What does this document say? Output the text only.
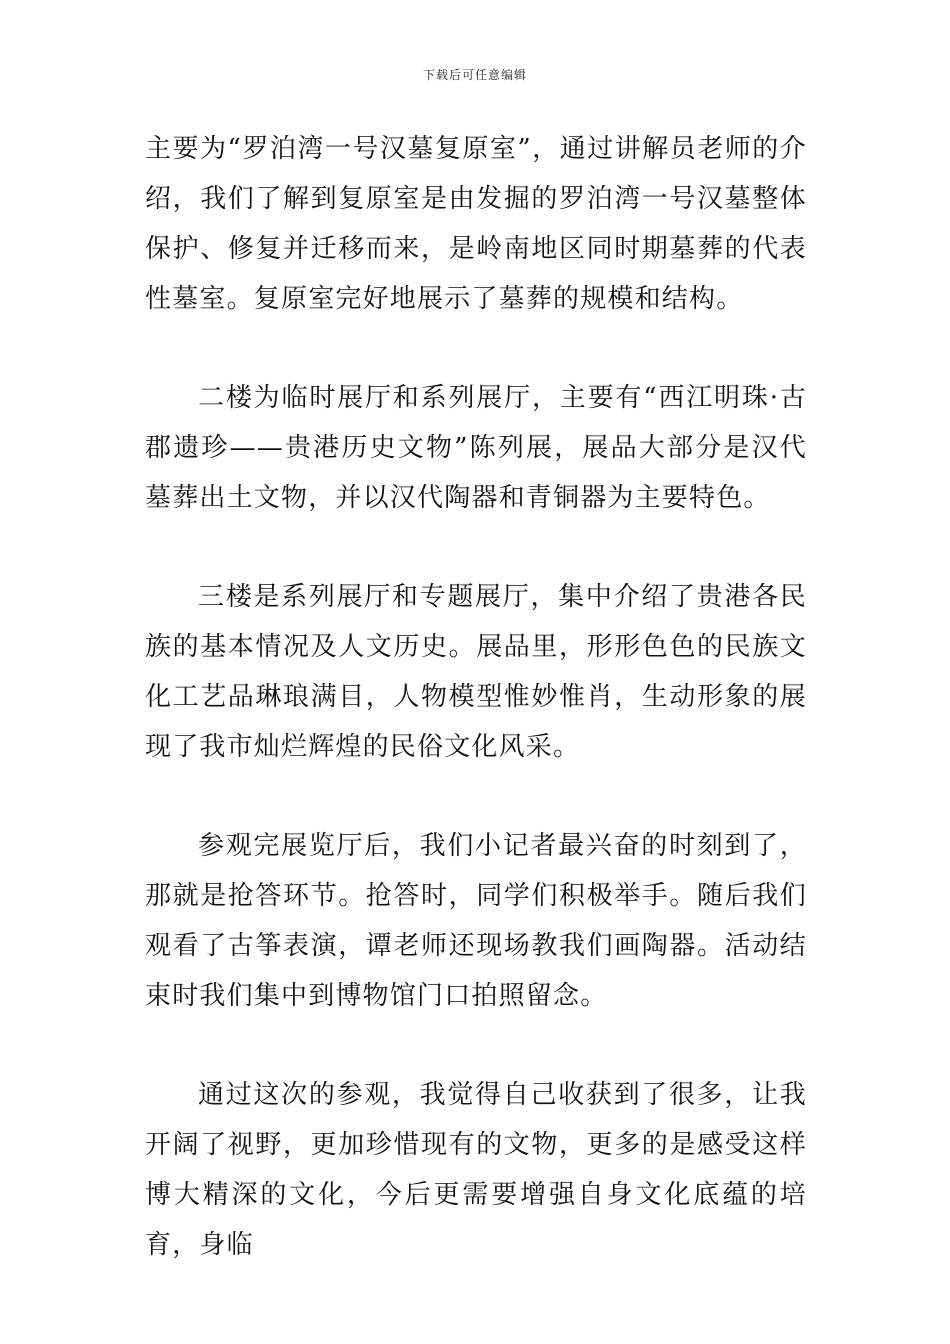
下载后可任意编辑

主要为“罗泊湾一号汉墓复原室”，通过讲解员老师的介绍，我们了解到复原室是由发掘的罗泊湾一号汉墓整体保护、修复并迁移而来，是岭南地区同时期墓葬的代表性墓室。复原室完好地展示了墓葬的规模和结构。

二楼为临时展厅和系列展厅，主要有“西江明珠·古郡遗珍——贵港历史文物”陈列展，展品大部分是汉代墓葬出土文物，并以汉代陶器和青铜器为主要特色。

三楼是系列展厅和专题展厅，集中介绍了贵港各民族的基本情况及人文历史。展品里，形形色色的民族文化工艺品琳琅满目，人物模型惟妙惟肖，生动形象的展现了我市灿烂辉煌的民俗文化风采。

参观完展览厅后，我们小记者最兴奋的时刻到了，那就是抢答环节。抢答时，同学们积极举手。随后我们观看了古筝表演，谭老师还现场教我们画陶器。活动结束时我们集中到博物馆门口拍照留念。

通过这次的参观，我觉得自己收获到了很多，让我开阔了视野，更加珍惜现有的文物，更多的是感受这样博大精深的文化，今后更需要增强自身文化底蕴的培育，身临
